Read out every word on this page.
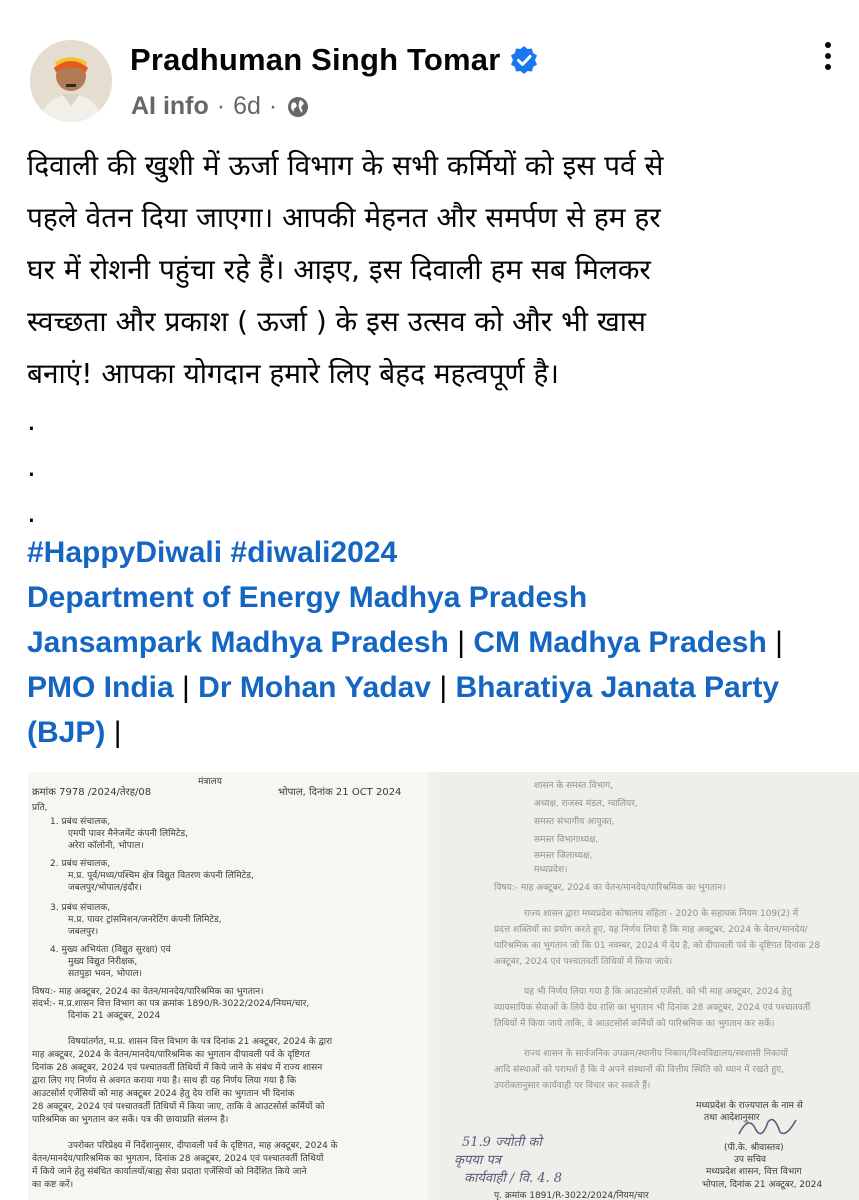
Pradhuman Singh Tomar
AI info · 6d ·
दिवाली की खुशी में ऊर्जा विभाग के सभी कर्मियों को इस पर्व से
पहले वेतन दिया जाएगा। आपकी मेहनत और समर्पण से हम हर
घर में रोशनी पहुंचा रहे हैं। आइए, इस दिवाली हम सब मिलकर
स्वच्छता और प्रकाश ( ऊर्जा ) के इस उत्सव को और भी खास
बनाएं! आपका योगदान हमारे लिए बेहद महत्वपूर्ण है।
.
.
.
#HappyDiwali #diwali2024
Department of Energy Madhya Pradesh
Jansampark Madhya Pradesh | CM Madhya Pradesh | PMO India | Dr Mohan Yadav | Bharatiya Janata Party (BJP) |
मंत्रालय
क्रमांक 7978 /2024/तेरह/08	भोपाल, दिनांक 21 OCT 2024
प्रति,
1. प्रबंध संचालक,
एमपी पावर मैनेजमेंट कंपनी लिमिटेड,
अरेरा कॉलोनी, भोपाल।
2. प्रबंध संचालक,
म.प्र. पूर्व/मध्य/पश्चिम क्षेत्र विद्युत वितरण कंपनी लिमिटेड,
जबलपुर/भोपाल/इंदौर।
3. प्रबंध संचालक,
म.प्र. पावर ट्रांसमिशन/जनरेटिंग कंपनी लिमिटेड,
जबलपुर।
4. मुख्य अभियंता (विद्युत सुरक्षा) एवं
मुख्य विद्युत निरीक्षक,
सतपुड़ा भवन, भोपाल।
विषय:- माह अक्टूबर, 2024 का वेतन/मानदेय/पारिश्रमिक का भुगतान।
संदर्भ:- म.प्र.शासन वित्त विभाग का पत्र क्रमांक 1890/R-3022/2024/नियम/चार,
दिनांक 21 अक्टूबर, 2024
विषयांतर्गत, म.प्र. शासन वित्त विभाग के पत्र दिनांक 21 अक्टूबर, 2024 के द्वारा
माह अक्टूबर, 2024 के वेतन/मानदेय/पारिश्रमिक का भुगतान दीपावली पर्व के दृष्टिगत
दिनांक 28 अक्टूबर, 2024 एवं पश्चातवर्ती तिथियों में किये जाने के संबंध में राज्य शासन
द्वारा लिए गए निर्णय से अवगत कराया गया है। साथ ही यह निर्णय लिया गया है कि
आउटसोर्स एजेंसियों को माह अक्टूबर 2024 हेतु देय राशि का भुगतान भी दिनांक
28 अक्टूबर, 2024 एवं पश्चातवर्ती तिथियों में किया जाए, ताकि वे आउटसोर्स कर्मियों को
पारिश्रमिक का भुगतान कर सकें। पत्र की छायाप्रति संलग्न है।
उपरोक्त परिप्रेक्ष्य में निर्देशानुसार, दीपावली पर्व के दृष्टिगत, माह अक्टूबर, 2024 के
वेतन/मानदेय/पारिश्रमिक का भुगतान, दिनांक 28 अक्टूबर, 2024 एवं पश्चातवर्ती तिथियों
में किये जाने हेतु संबंधित कार्यालयों/बाह्य सेवा प्रदाता एजेंसियों को निर्देशित किये जाने
का कष्ट करें।
शासन के समस्त विभाग,
अध्यक्ष, राजस्व मंडल, ग्वालियर,
समस्त संभागीय आयुक्त,
समस्त विभागाध्यक्ष,
समस्त जिलाध्यक्ष,
मध्यप्रदेश।
विषय:- माह अक्टूबर, 2024 का वेतन/मानदेय/पारिश्रमिक का भुगतान।
राज्य शासन द्वारा मध्यप्रदेश कोषालय संहिता - 2020 के सहायक नियम 109(2) में
प्रदत्त शक्तियों का प्रयोग करते हुए, यह निर्णय लिया है कि माह अक्टूबर, 2024 के वेतन/मानदेय/
पारिश्रमिक का भुगतान जो कि 01 नवम्बर, 2024 में देय है, को दीपावली पर्व के दृष्टिगत दिनांक 28
अक्टूबर, 2024 एवं पश्चातवर्ती तिथियों में किया जावे।
यह भी निर्णय लिया गया है कि आउटसोर्स एजेंसी, को भी माह अक्टूबर, 2024 हेतु
व्यावसायिक सेवाओं के लिये देय राशि का भुगतान भी दिनांक 28 अक्टूबर, 2024 एवं पश्चातवर्ती
तिथियों में किया जाये ताकि, वे आउटसोर्स कर्मियों को पारिश्रमिक का भुगतान कर सकें।
राज्य शासन के सार्वजनिक उपक्रम/स्थानीय निकाय/विश्वविद्यालय/स्वशासी निकायों
आदि संस्थाओं को परामर्श है कि वे अपने संस्थानों की वित्तीय स्थिति को ध्यान में रखते हुए,
उपरोक्तानुसार कार्यवाही पर विचार कर सकते हैं।
मध्यप्रदेश के राज्यपाल के नाम से
तथा आदेशानुसार
(पी.के. श्रीवास्तव)
उप सचिव
मध्यप्रदेश शासन, वित्त विभाग
भोपाल, दिनांक 21 अक्टूबर, 2024
पृ. क्रमांक 1891/R-3022/2024/नियम/चार
51.9 ज्योती को
कृपया पत्र
कार्यवाही / वि. 4. 8
